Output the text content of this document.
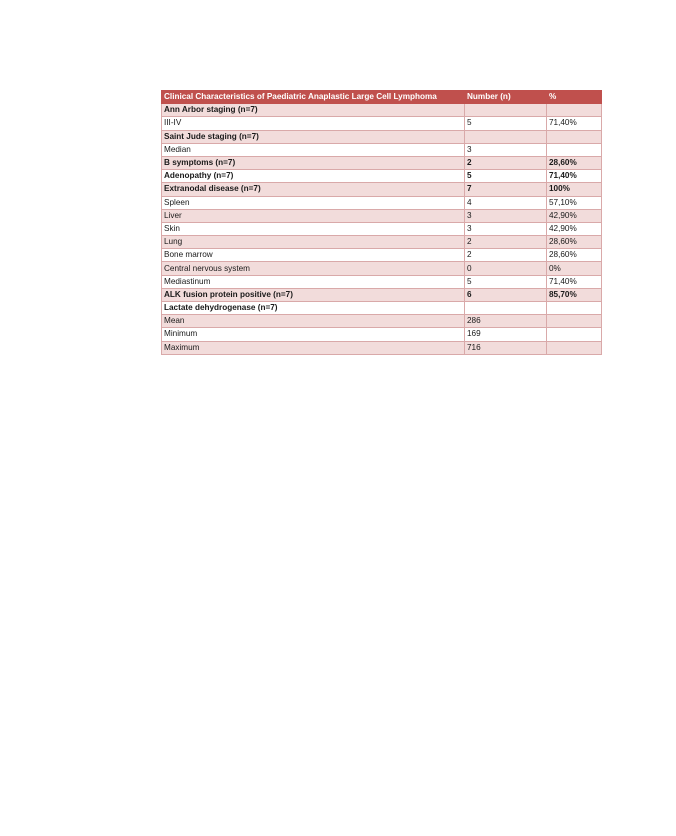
Clinical Characteristics of Paediatric Anaplastic Large Cell Lymphoma	Number (n)	%
Ann Arbor staging (n=7)		
III-IV	5	71,40%
Saint Jude staging (n=7)		
Median	3	
B symptoms (n=7)	2	28,60%
Adenopathy (n=7)	5	71,40%
Extranodal disease (n=7)	7	100%
Spleen	4	57,10%
Liver	3	42,90%
Skin	3	42,90%
Lung	2	28,60%
Bone marrow	2	28,60%
Central nervous system	0	0%
Mediastinum	5	71,40%
ALK fusion protein positive (n=7)	6	85,70%
Lactate dehydrogenase (n=7)		
Mean	286	
Minimum	169	
Maximum	716	
